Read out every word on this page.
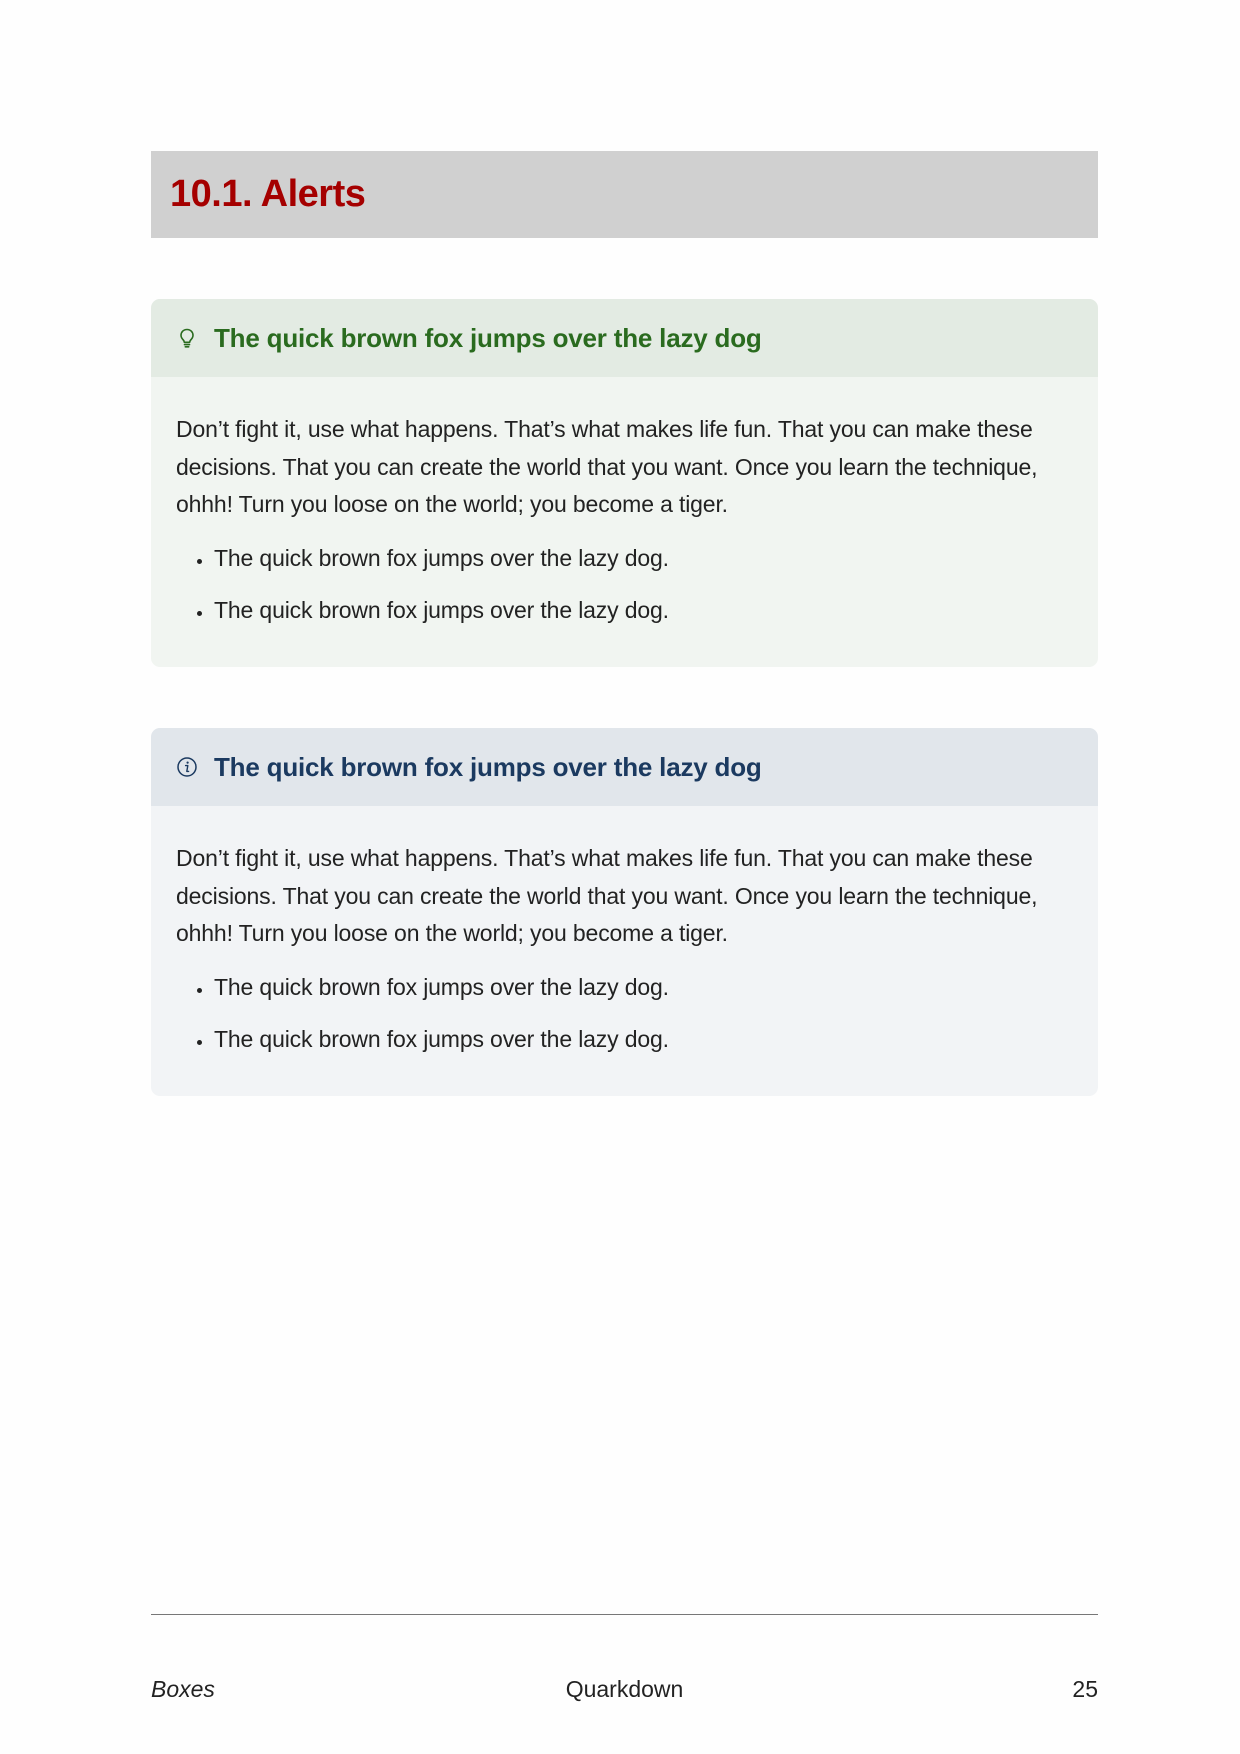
10.1. Alerts
The quick brown fox jumps over the lazy dog

Don’t fight it, use what happens. That’s what makes life fun. That you can make these decisions. That you can create the world that you want. Once you learn the technique, ohhh! Turn you loose on the world; you become a tiger.

• The quick brown fox jumps over the lazy dog.
• The quick brown fox jumps over the lazy dog.
The quick brown fox jumps over the lazy dog

Don’t fight it, use what happens. That’s what makes life fun. That you can make these decisions. That you can create the world that you want. Once you learn the technique, ohhh! Turn you loose on the world; you become a tiger.

• The quick brown fox jumps over the lazy dog.
• The quick brown fox jumps over the lazy dog.
Boxes	Quarkdown	25
